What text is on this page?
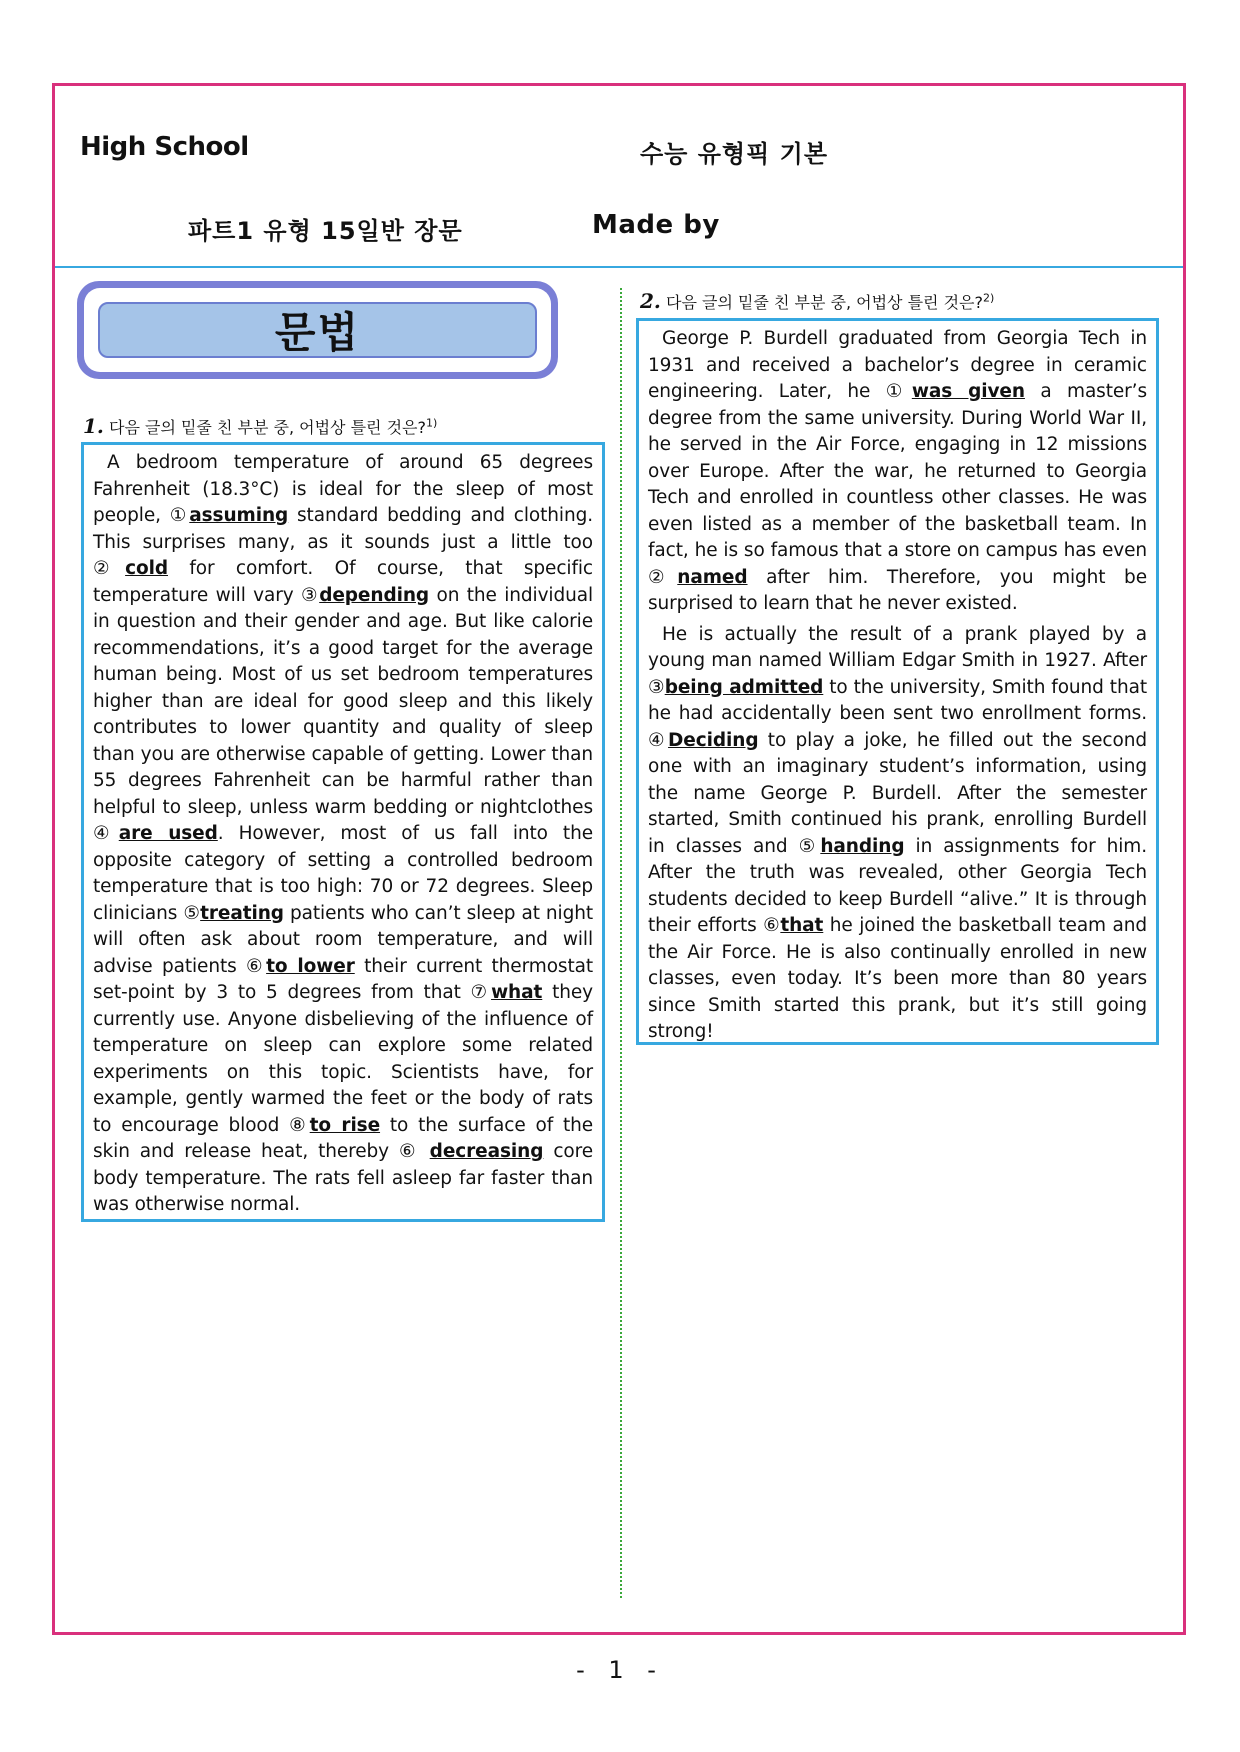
High School	수능 유형픽 기본
파트1 유형 15일반 장문	Made by
문법
1. 다음 글의 밑줄 친 부분 중, 어법상 틀린 것은?$^{1)}$

A bedroom temperature of around 65 degrees Fahrenheit (18.3°C) is ideal for the sleep of most people, ①assuming standard bedding and clothing. This surprises many, as it sounds just a little too ②cold for comfort. Of course, that specific temperature will vary ③depending on the individual in question and their gender and age. But like calorie recommendations, it’s a good target for the average human being. Most of us set bedroom temperatures higher than are ideal for good sleep and this likely contributes to lower quantity and quality of sleep than you are otherwise capable of getting. Lower than 55 degrees Fahrenheit can be harmful rather than helpful to sleep, unless warm bedding or nightclothes ④are used. However, most of us fall into the opposite category of setting a controlled bedroom temperature that is too high: 70 or 72 degrees. Sleep clinicians ⑤treating patients who can’t sleep at night will often ask about room temperature, and will advise patients ⑥to lower their current thermostat set-point by 3 to 5 degrees from that ⑦what they currently use. Anyone disbelieving of the influence of temperature on sleep can explore some related experiments on this topic. Scientists have, for example, gently warmed the feet or the body of rats to encourage blood ⑧to rise to the surface of the skin and release heat, thereby ⑥ decreasing core body temperature. The rats fell asleep far faster than was otherwise normal.

2. 다음 글의 밑줄 친 부분 중, 어법상 틀린 것은?$^{2)}$

George P. Burdell graduated from Georgia Tech in 1931 and received a bachelor’s degree in ceramic engineering. Later, he ①was given a master’s degree from the same university. During World War II, he served in the Air Force, engaging in 12 missions over Europe. After the war, he returned to Georgia Tech and enrolled in countless other classes. He was even listed as a member of the basketball team. In fact, he is so famous that a store on campus has even ②named after him. Therefore, you might be surprised to learn that he never existed.

He is actually the result of a prank played by a young man named William Edgar Smith in 1927. After ③being admitted to the university, Smith found that he had accidentally been sent two enrollment forms. ④Deciding to play a joke, he filled out the second one with an imaginary student’s information, using the name George P. Burdell. After the semester started, Smith continued his prank, enrolling Burdell in classes and ⑤handing in assignments for him. After the truth was revealed, other Georgia Tech students decided to keep Burdell “alive.” It is through their efforts ⑥that he joined the basketball team and the Air Force. He is also continually enrolled in new classes, even today. It’s been more than 80 years since Smith started this prank, but it’s still going strong!

- 1 -
